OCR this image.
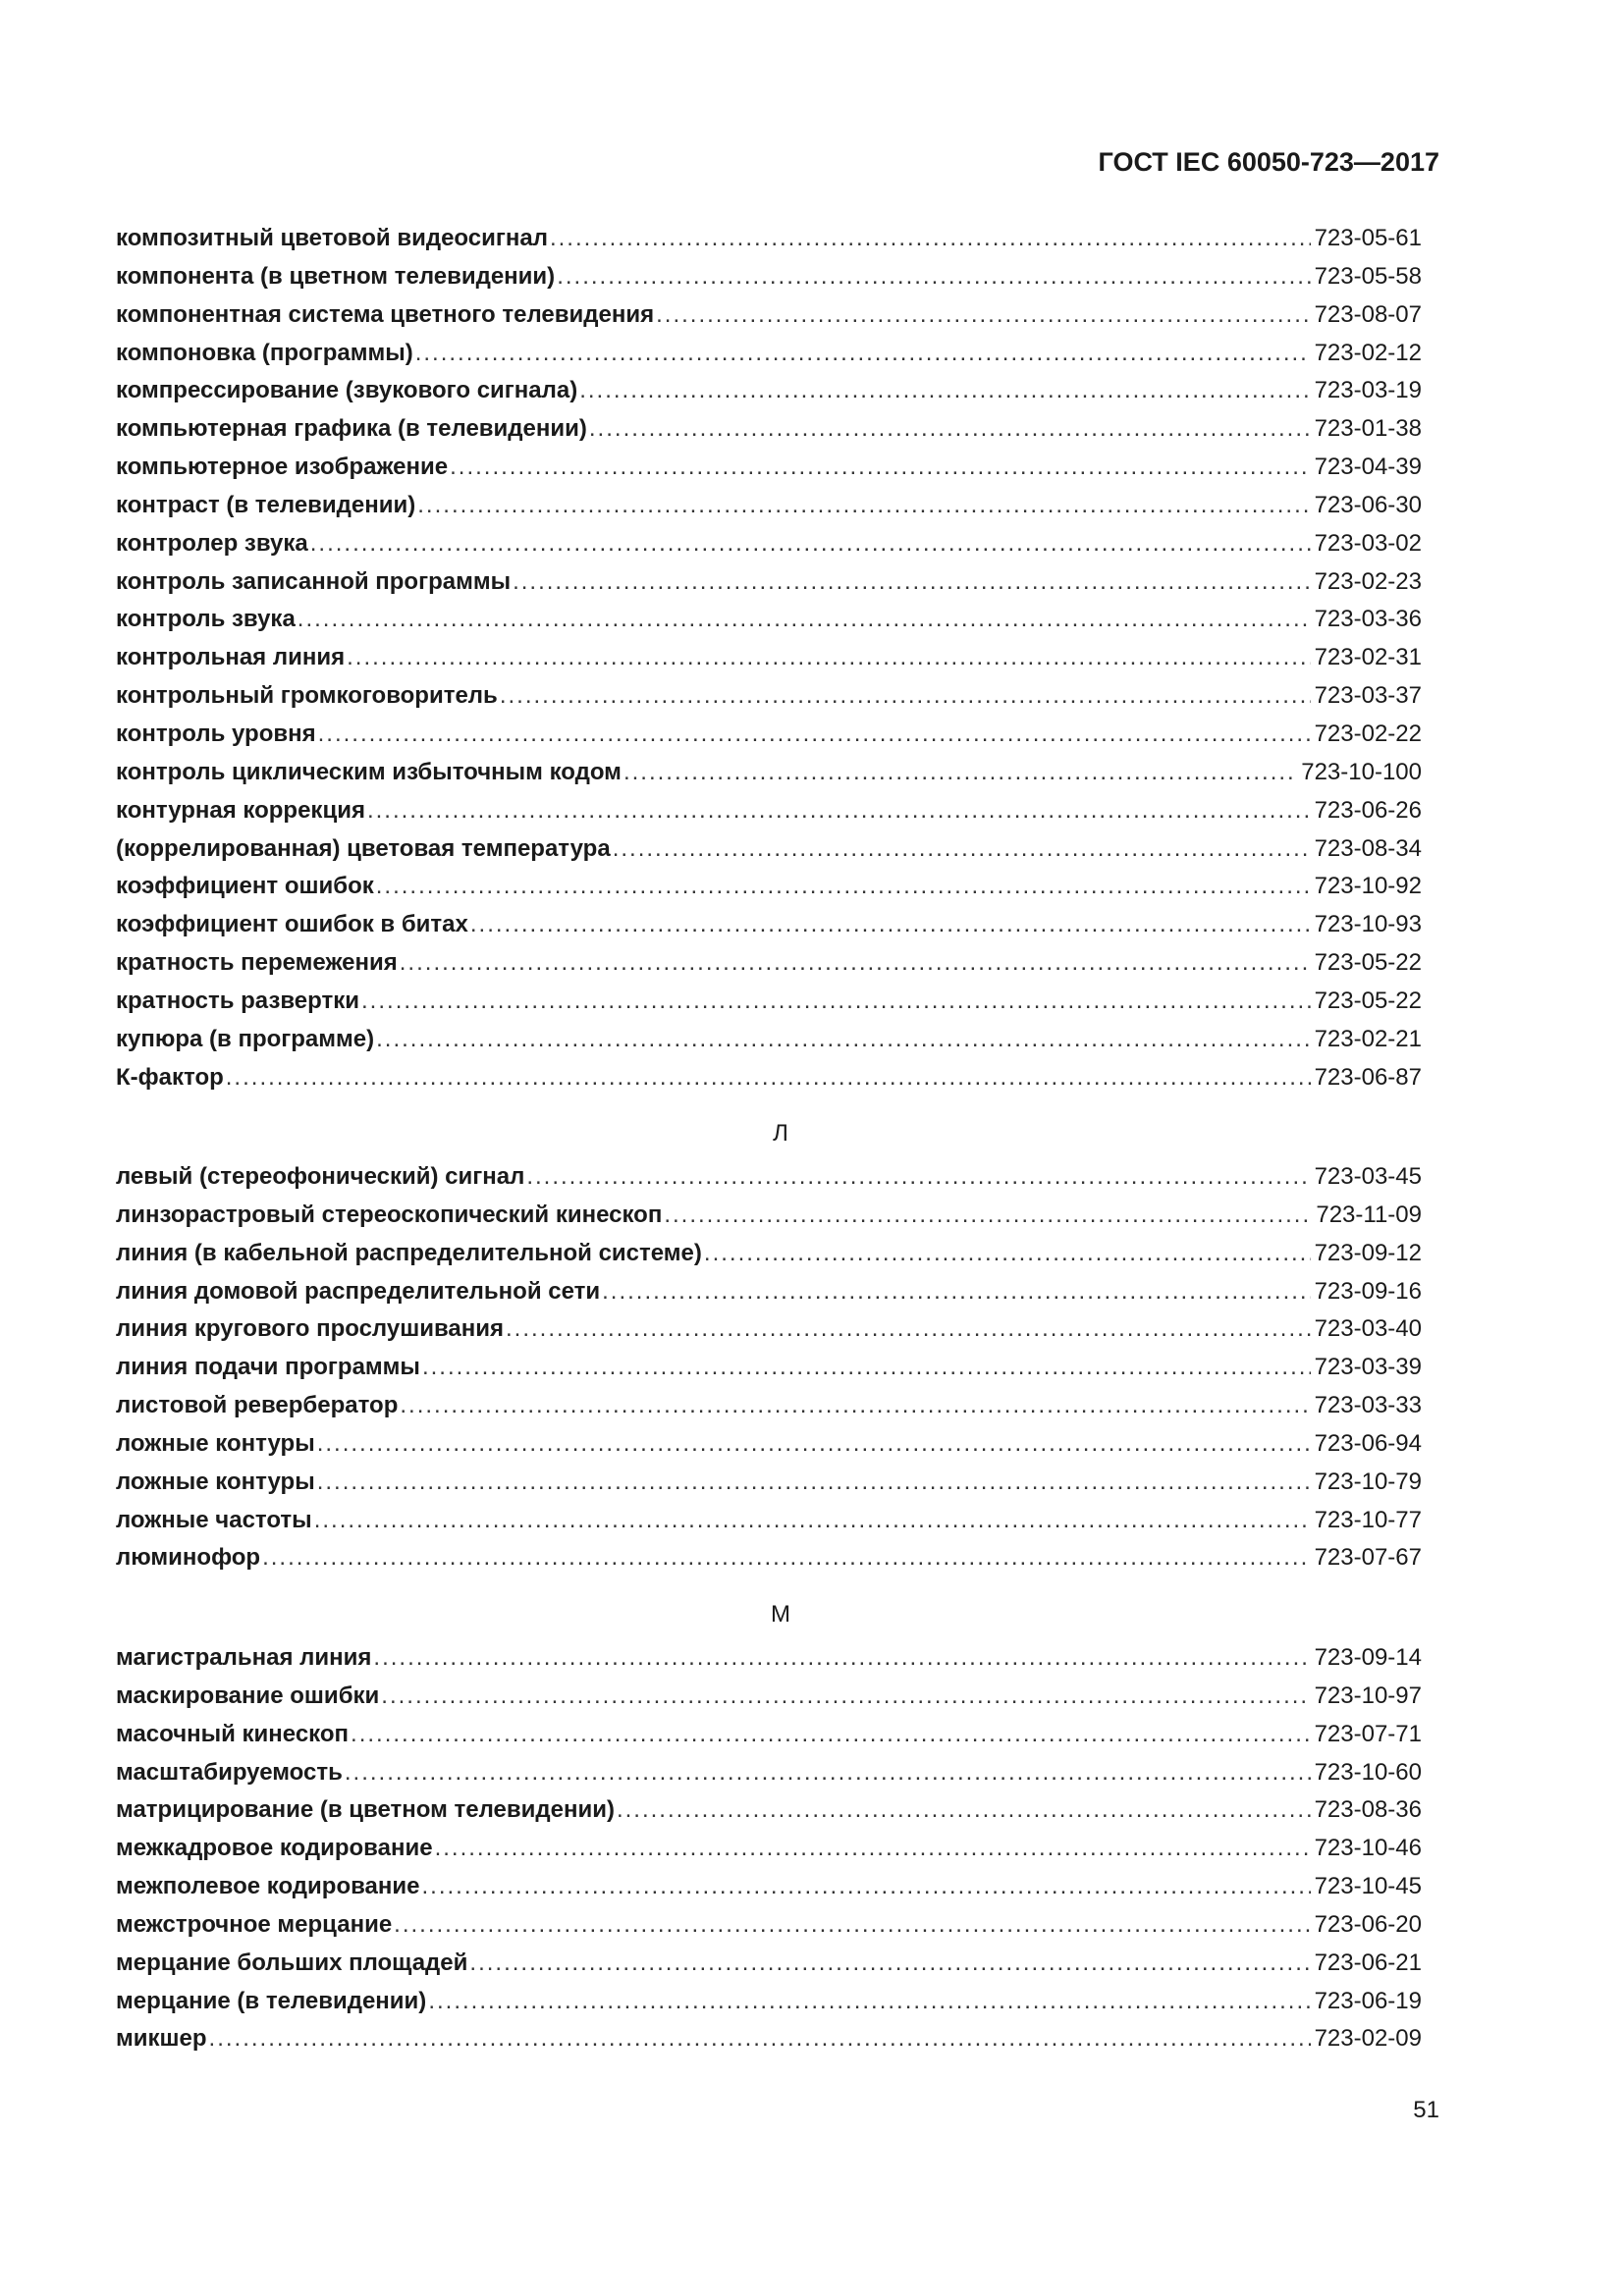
ГОСТ IEC 60050-723—2017
композитный цветовой видеосигнал .....	723-05-61
компонента (в цветном телевидении) .....	723-05-58
компонентная система цветного телевидения .....	723-08-07
компоновка (программы) .....	723-02-12
компрессирование (звукового сигнала) .....	723-03-19
компьютерная графика (в телевидении) .....	723-01-38
компьютерное изображение .....	723-04-39
контраст (в телевидении) .....	723-06-30
контролер звука .....	723-03-02
контроль записанной программы .....	723-02-23
контроль звука .....	723-03-36
контрольная линия .....	723-02-31
контрольный громкоговоритель .....	723-03-37
контроль уровня .....	723-02-22
контроль циклическим избыточным кодом .....	723-10-100
контурная коррекция .....	723-06-26
(коррелированная) цветовая температура .....	723-08-34
коэффициент ошибок .....	723-10-92
коэффициент ошибок в битах .....	723-10-93
кратность перемежения .....	723-05-22
кратность развертки .....	723-05-22
купюра (в программе) .....	723-02-21
К-фактор .....	723-06-87
Л
левый (стереофонический) сигнал .....	723-03-45
линзорастровый стереоскопический кинескоп .....	723-11-09
линия (в кабельной распределительной системе) .....	723-09-12
линия домовой распределительной сети .....	723-09-16
линия кругового прослушивания .....	723-03-40
линия подачи программы .....	723-03-39
листовой ревербератор .....	723-03-33
ложные контуры .....	723-06-94
ложные контуры .....	723-10-79
ложные частоты .....	723-10-77
люминофор .....	723-07-67
М
магистральная линия .....	723-09-14
маскирование ошибки .....	723-10-97
масочный кинескоп .....	723-07-71
масштабируемость .....	723-10-60
матрицирование (в цветном телевидении) .....	723-08-36
межкадровое кодирование .....	723-10-46
межполевое кодирование .....	723-10-45
межстрочное мерцание .....	723-06-20
мерцание больших площадей .....	723-06-21
мерцание (в телевидении) .....	723-06-19
микшер .....	723-02-09
51
